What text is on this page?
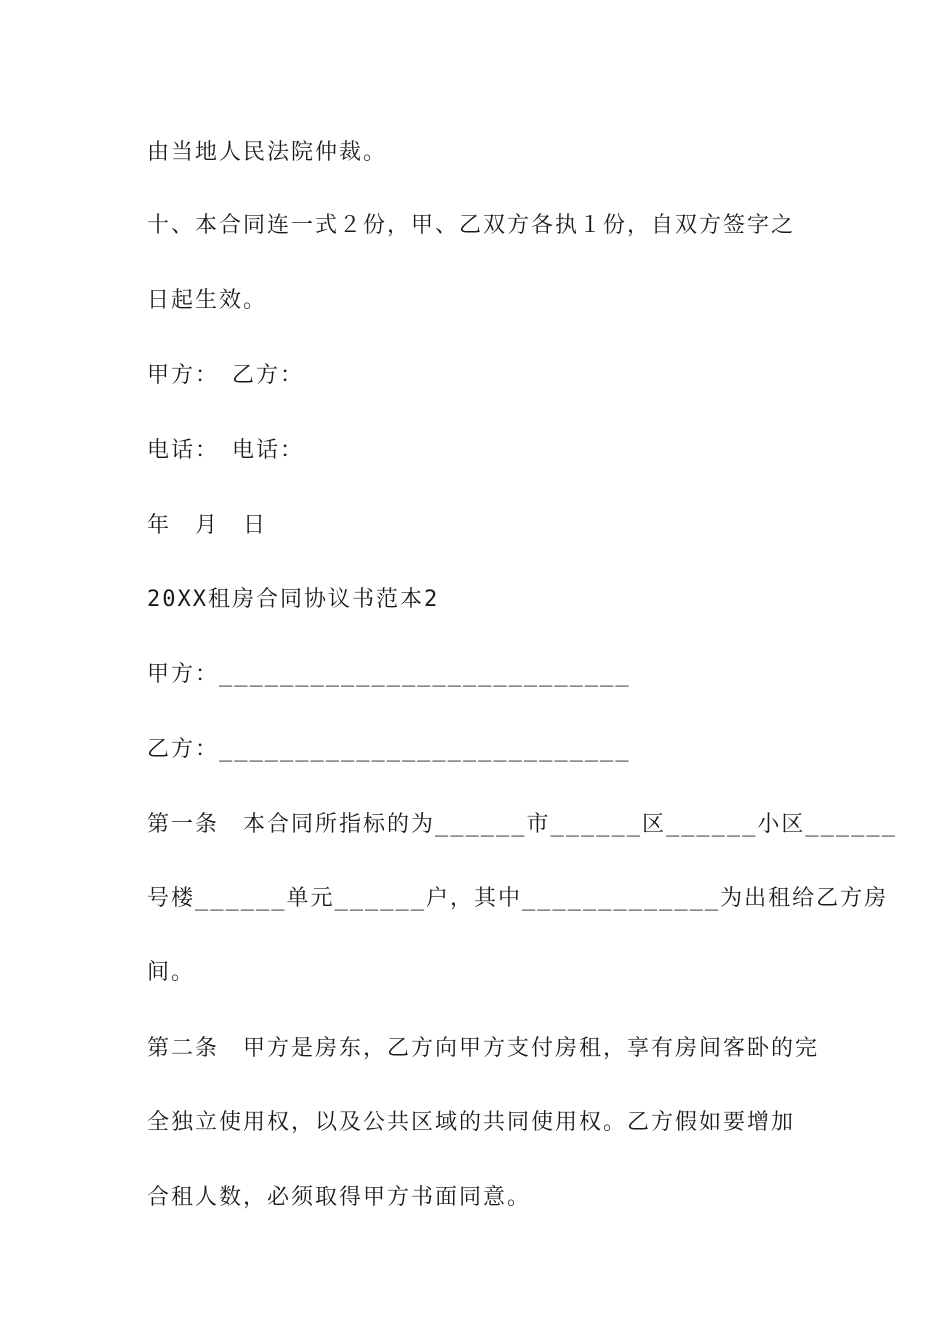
由当地人民法院仲裁。
十、本合同连一式２份，甲、乙双方各执１份，自双方签字之
日起生效。
甲方：　乙方：
电话：　电话：
年　月　日
20XX租房合同协议书范本2
甲方：___________________________
乙方：___________________________
第一条　本合同所指标的为______市______区______小区______
号楼______单元______户，其中_____________为出租给乙方房
间。
第二条　甲方是房东，乙方向甲方支付房租，享有房间客卧的完
全独立使用权，以及公共区域的共同使用权。乙方假如要增加
合租人数，必须取得甲方书面同意。
